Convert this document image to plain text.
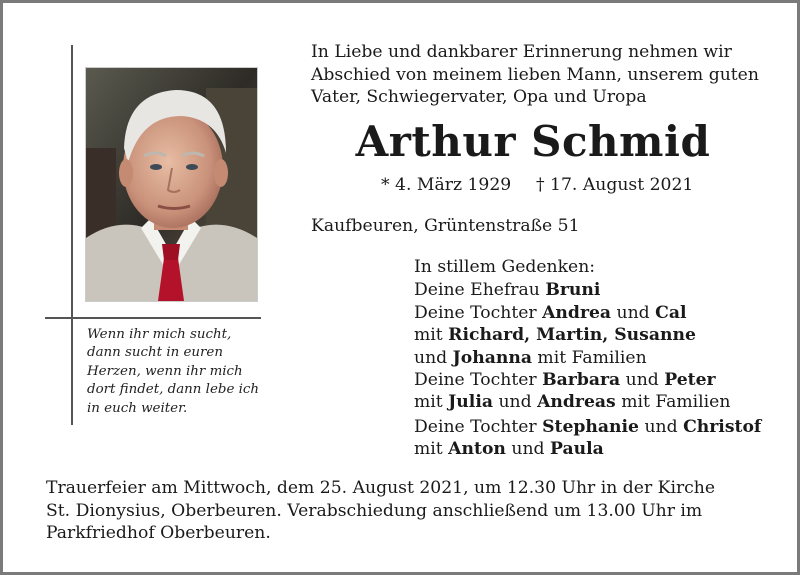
Wenn ihr mich sucht,
dann sucht in euren
Herzen, wenn ihr mich
dort findet, dann lebe ich
in euch weiter.
In Liebe und dankbarer Erinnerung nehmen wir
Abschied von meinem lieben Mann, unserem guten
Vater, Schwiegervater, Opa und Uropa
Arthur Schmid
* 4. März 1929 † 17. August 2021
Kaufbeuren, Grüntenstraße 51
In stillem Gedenken:
Deine Ehefrau Bruni
Deine Tochter Andrea und Cal
mit Richard, Martin, Susanne
und Johanna mit Familien
Deine Tochter Barbara und Peter
mit Julia und Andreas mit Familien
Deine Tochter Stephanie und Christof
mit Anton und Paula
Trauerfeier am Mittwoch, dem 25. August 2021, um 12.30 Uhr in der Kirche
St. Dionysius, Oberbeuren. Verabschiedung anschließend um 13.00 Uhr im
Parkfriedhof Oberbeuren.
